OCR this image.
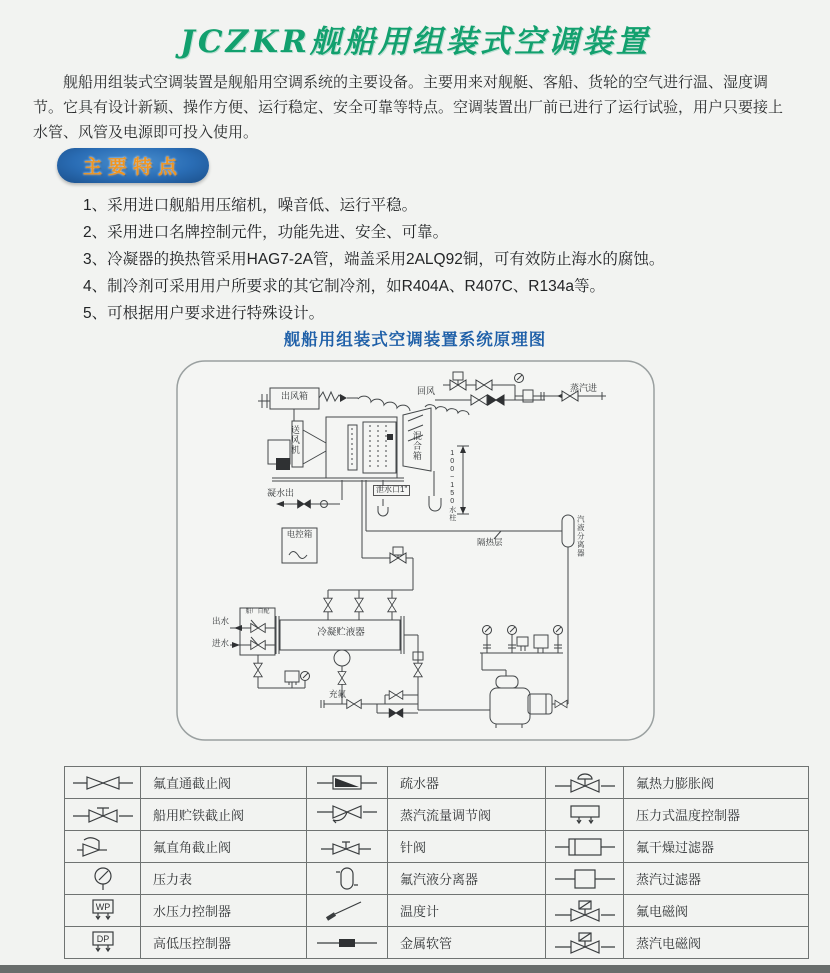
JCZKR舰船用组装式空调装置

舰船用组装式空调装置是舰船用空调系统的主要设备。主要用来对舰艇、客船、货轮的空气进行温、湿度调节。它具有设计新颖、操作方便、运行稳定、安全可靠等特点。空调装置出厂前已进行了运行试验，用户只要接上水管、风管及电源即可投入使用。

主要特点
1、采用进口舰船用压缩机，噪音低、运行平稳。
2、采用进口名牌控制元件，功能先进、安全、可靠。
3、冷凝器的换热管采用HAG7-2A管，端盖采用2ALQ92铜，可有效防止海水的腐蚀。
4、制冷剂可采用用户所要求的其它制冷剂，如R404A、R407C、R134a等。
5、可根据用户要求进行特殊设计。
舰船用组装式空调装置系统原理图
出风箱
送风机	混合箱
回风	蒸汽进
凝水出	泄水口1"	100~150水柱
电控箱
隔热层	汽液分离器
冷凝贮液器
船厂自配
出水
进水
充氟
	氟直通截止阀		疏水器		氟热力膨胀阀

	船用贮铁截止阀		蒸汽流量调节阀		压力式温度控制器

	氟直角截止阀		针阀		氟干燥过滤器

	压力表		氟汽液分离器		蒸汽过滤器

WP	水压力控制器		温度计		氟电磁阀

DP	高低压控制器		金属软管		蒸汽电磁阀
